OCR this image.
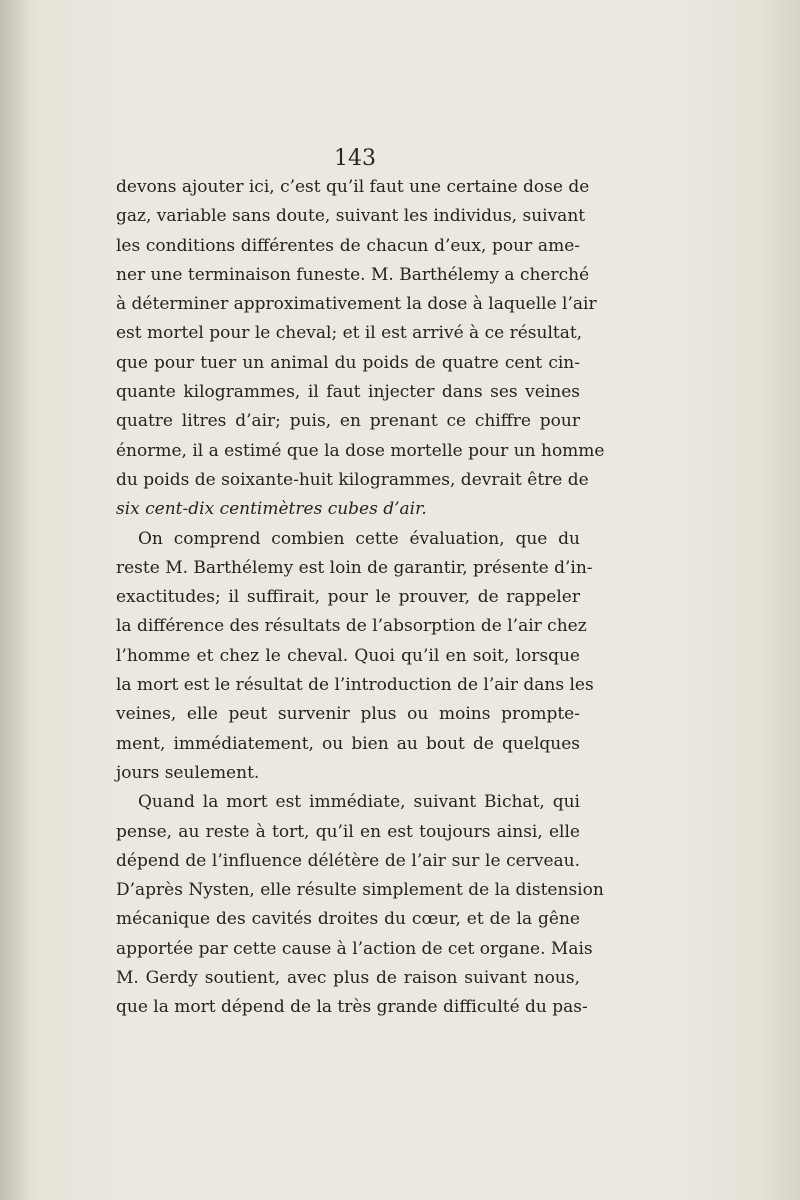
143
devons ajouter ici, c’est qu’il faut une certaine dose de
gaz, variable sans doute, suivant les individus, suivant
les conditions différentes de chacun d’eux, pour ame-
ner une terminaison funeste. M. Barthélemy a cherché
à déterminer approximativement la dose à laquelle l’air
est mortel pour le cheval; et il est arrivé à ce résultat,
que pour tuer un animal du poids de quatre cent cin-
quante kilogrammes, il faut injecter dans ses veines
quatre litres d’air; puis, en prenant ce chiffre pour
énorme, il a estimé que la dose mortelle pour un homme
du poids de soixante-huit kilogrammes, devrait être de
six cent-dix centimètres cubes d’air.
On comprend combien cette évaluation, que du
reste M. Barthélemy est loin de garantir, présente d’in-
exactitudes; il suffirait, pour le prouver, de rappeler
la différence des résultats de l’absorption de l’air chez
l’homme et chez le cheval. Quoi qu’il en soit, lorsque
la mort est le résultat de l’introduction de l’air dans les
veines, elle peut survenir plus ou moins prompte-
ment, immédiatement, ou bien au bout de quelques
jours seulement.
Quand la mort est immédiate, suivant Bichat, qui
pense, au reste à tort, qu’il en est toujours ainsi, elle
dépend de l’influence délétère de l’air sur le cerveau.
D’après Nysten, elle résulte simplement de la distension
mécanique des cavités droites du cœur, et de la gêne
apportée par cette cause à l’action de cet organe. Mais
M. Gerdy soutient, avec plus de raison suivant nous,
que la mort dépend de la très grande difficulté du pas-
